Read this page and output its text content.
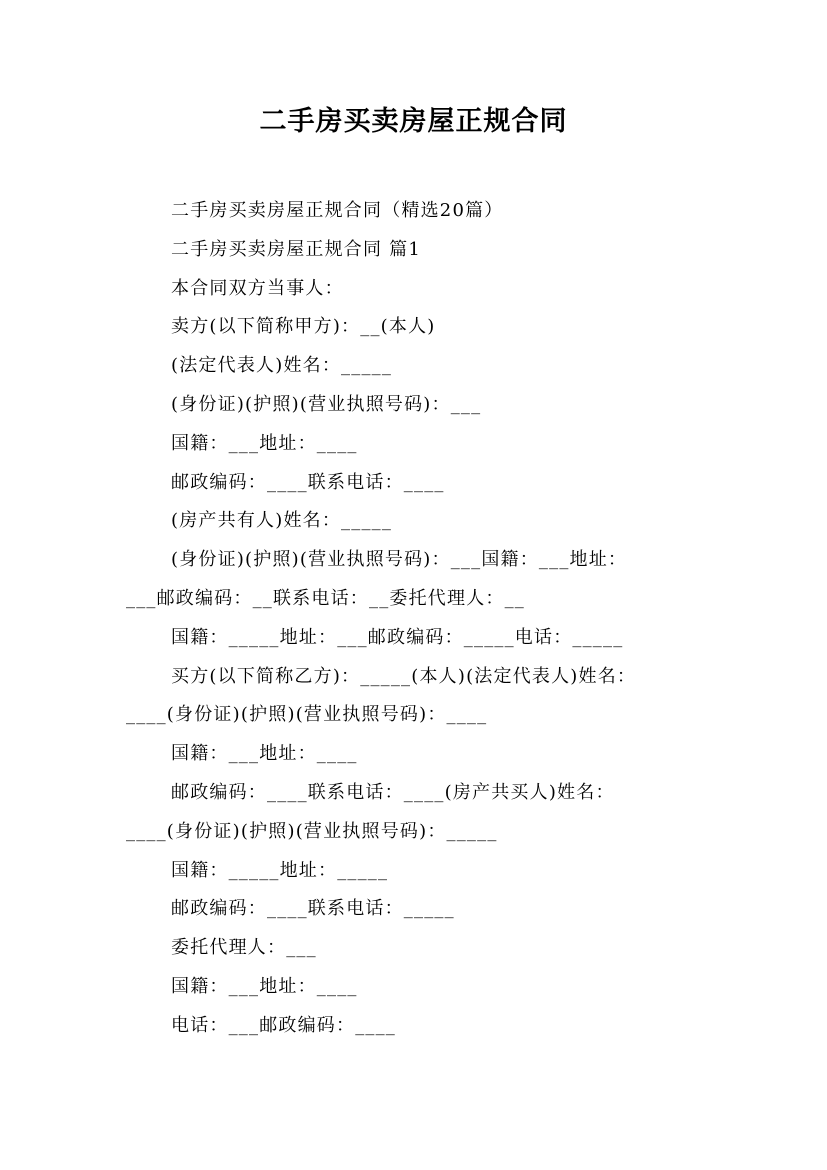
二手房买卖房屋正规合同
二手房买卖房屋正规合同（精选20篇）
二手房买卖房屋正规合同 篇1
本合同双方当事人：
卖方(以下简称甲方)：__(本人)
(法定代表人)姓名：_____
(身份证)(护照)(营业执照号码)：___
国籍：___地址：____
邮政编码：____联系电话：____
(房产共有人)姓名：_____
(身份证)(护照)(营业执照号码)：___国籍：___地址：
___邮政编码：__联系电话：__委托代理人：__
国籍：_____地址：___邮政编码：_____电话：_____
买方(以下简称乙方)：_____(本人)(法定代表人)姓名：
____(身份证)(护照)(营业执照号码)：____
国籍：___地址：____
邮政编码：____联系电话：____(房产共买人)姓名：
____(身份证)(护照)(营业执照号码)：_____
国籍：_____地址：_____
邮政编码：____联系电话：_____
委托代理人：___
国籍：___地址：____
电话：___邮政编码：____
